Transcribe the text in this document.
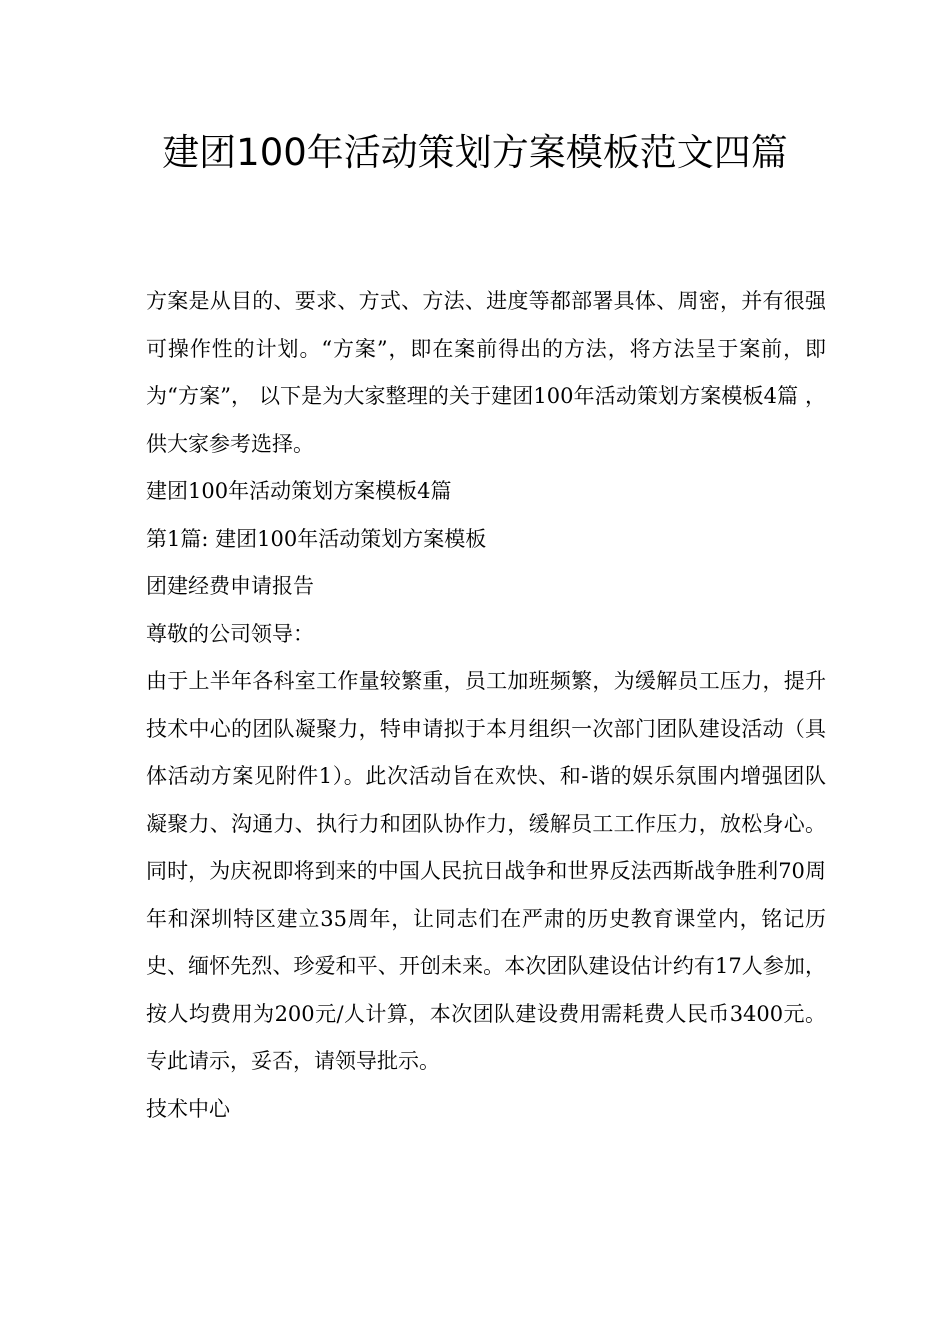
建团100年活动策划方案模板范文四篇

方案是从目的、要求、方式、方法、进度等都部署具体、周密，并有很强可操作性的计划。“方案”，即在案前得出的方法，将方法呈于案前，即为“方案”， 以下是为大家整理的关于建团100年活动策划方案模板4篇 ，供大家参考选择。

建团100年活动策划方案模板4篇

第1篇: 建团100年活动策划方案模板

团建经费申请报告

尊敬的公司领导：

由于上半年各科室工作量较繁重，员工加班频繁，为缓解员工压力，提升技术中心的团队凝聚力，特申请拟于本月组织一次部门团队建设活动（具体活动方案见附件1）。此次活动旨在欢快、和-谐的娱乐氛围内增强团队凝聚力、沟通力、执行力和团队协作力，缓解员工工作压力，放松身心。同时，为庆祝即将到来的中国人民抗日战争和世界反法西斯战争胜利70周年和深圳特区建立35周年，让同志们在严肃的历史教育课堂内，铭记历史、缅怀先烈、珍爱和平、开创未来。本次团队建设估计约有17人参加，按人均费用为200元/人计算，本次团队建设费用需耗费人民币3400元。专此请示，妥否，请领导批示。

技术中心
